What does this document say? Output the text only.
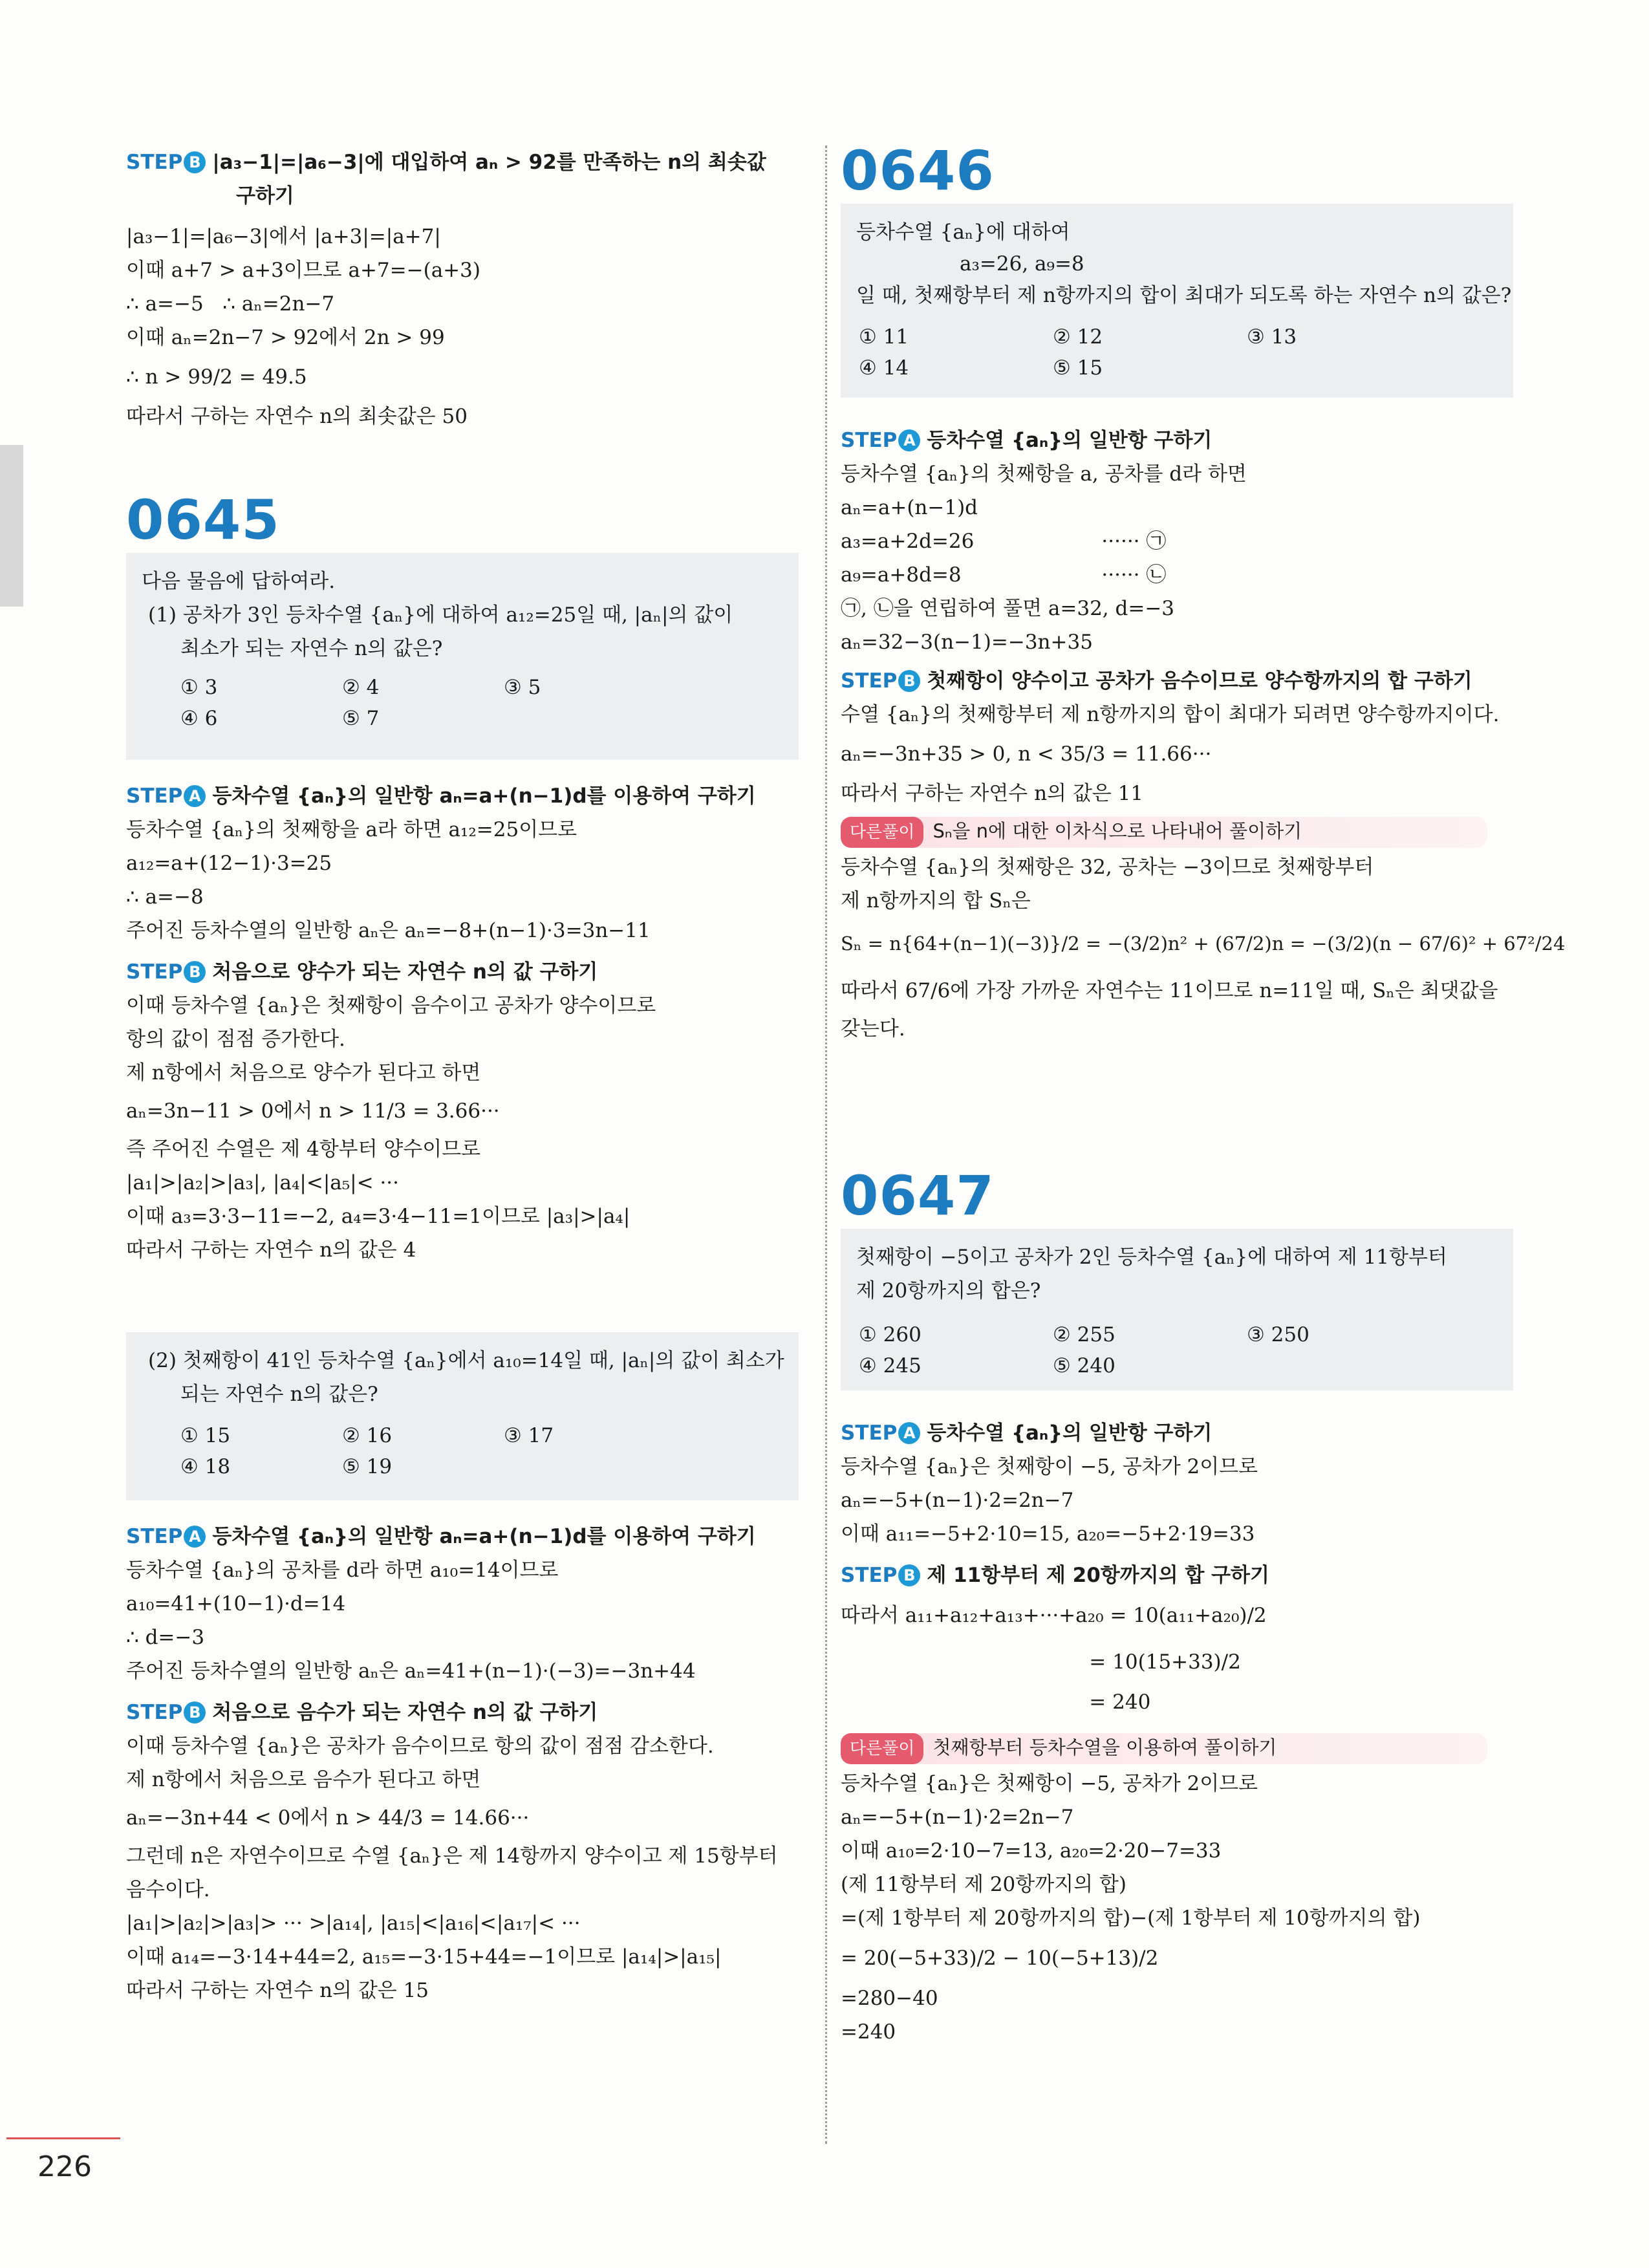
STEP B |a₃−1|=|a₆−3|에 대입하여 aₙ > 92를 만족하는 n의 최솟값
구하기
|a₃−1|=|a₆−3|에서 |a+3|=|a+7|
이때 a+7 > a+3이므로 a+7=−(a+3)
∴ a=−5   ∴ aₙ=2n−7
이때 aₙ=2n−7 > 92에서 2n > 99
∴ n > 99/2 = 49.5
따라서 구하는 자연수 n의 최솟값은 50
0645
다음 물음에 답하여라.
(1) 공차가 3인 등차수열 {aₙ}에 대하여 a₁₂=25일 때, |aₙ|의 값이
최소가 되는 자연수 n의 값은?
① 3	② 4	③ 5
④ 6	⑤ 7
STEP A 등차수열 {aₙ}의 일반항 aₙ=a+(n−1)d를 이용하여 구하기
등차수열 {aₙ}의 첫째항을 a라 하면 a₁₂=25이므로
a₁₂=a+(12−1)·3=25
∴ a=−8
주어진 등차수열의 일반항 aₙ은 aₙ=−8+(n−1)·3=3n−11
STEP B 처음으로 양수가 되는 자연수 n의 값 구하기
이때 등차수열 {aₙ}은 첫째항이 음수이고 공차가 양수이므로
항의 값이 점점 증가한다.
제 n항에서 처음으로 양수가 된다고 하면
aₙ=3n−11 > 0에서 n > 11/3 = 3.66···
즉 주어진 수열은 제 4항부터 양수이므로
|a₁|>|a₂|>|a₃|, |a₄|<|a₅|< ···
이때 a₃=3·3−11=−2, a₄=3·4−11=1이므로 |a₃|>|a₄|
따라서 구하는 자연수 n의 값은 4
(2) 첫째항이 41인 등차수열 {aₙ}에서 a₁₀=14일 때, |aₙ|의 값이 최소가
되는 자연수 n의 값은?
① 15	② 16	③ 17
④ 18	⑤ 19
STEP A 등차수열 {aₙ}의 일반항 aₙ=a+(n−1)d를 이용하여 구하기
등차수열 {aₙ}의 공차를 d라 하면 a₁₀=14이므로
a₁₀=41+(10−1)·d=14
∴ d=−3
주어진 등차수열의 일반항 aₙ은 aₙ=41+(n−1)·(−3)=−3n+44
STEP B 처음으로 음수가 되는 자연수 n의 값 구하기
이때 등차수열 {aₙ}은 공차가 음수이므로 항의 값이 점점 감소한다.
제 n항에서 처음으로 음수가 된다고 하면
aₙ=−3n+44 < 0에서 n > 44/3 = 14.66···
그런데 n은 자연수이므로 수열 {aₙ}은 제 14항까지 양수이고 제 15항부터
음수이다.
|a₁|>|a₂|>|a₃|> ··· >|a₁₄|, |a₁₅|<|a₁₆|<|a₁₇|< ···
이때 a₁₄=−3·14+44=2, a₁₅=−3·15+44=−1이므로 |a₁₄|>|a₁₅|
따라서 구하는 자연수 n의 값은 15
0646
등차수열 {aₙ}에 대하여
a₃=26, a₉=8
일 때, 첫째항부터 제 n항까지의 합이 최대가 되도록 하는 자연수 n의 값은?
① 11	② 12	③ 13
④ 14	⑤ 15
STEP A 등차수열 {aₙ}의 일반항 구하기
등차수열 {aₙ}의 첫째항을 a, 공차를 d라 하면
aₙ=a+(n−1)d
a₃=a+2d=26                    ······ ㉠
a₉=a+8d=8                      ······ ㉡
㉠, ㉡을 연립하여 풀면 a=32, d=−3
aₙ=32−3(n−1)=−3n+35
STEP B 첫째항이 양수이고 공차가 음수이므로 양수항까지의 합 구하기
수열 {aₙ}의 첫째항부터 제 n항까지의 합이 최대가 되려면 양수항까지이다.
aₙ=−3n+35 > 0, n < 35/3 = 11.66···
따라서 구하는 자연수 n의 값은 11
다른풀이 Sₙ을 n에 대한 이차식으로 나타내어 풀이하기
등차수열 {aₙ}의 첫째항은 32, 공차는 −3이므로 첫째항부터
제 n항까지의 합 Sₙ은
Sₙ = n{64+(n−1)(−3)}/2 = −(3/2)n² + (67/2)n = −(3/2)(n − 67/6)² + 67²/24
따라서 67/6에 가장 가까운 자연수는 11이므로 n=11일 때, Sₙ은 최댓값을
갖는다.
0647
첫째항이 −5이고 공차가 2인 등차수열 {aₙ}에 대하여 제 11항부터
제 20항까지의 합은?
① 260	② 255	③ 250
④ 245	⑤ 240
STEP A 등차수열 {aₙ}의 일반항 구하기
등차수열 {aₙ}은 첫째항이 −5, 공차가 2이므로
aₙ=−5+(n−1)·2=2n−7
이때 a₁₁=−5+2·10=15, a₂₀=−5+2·19=33
STEP B 제 11항부터 제 20항까지의 합 구하기
따라서 a₁₁+a₁₂+a₁₃+···+a₂₀ = 10(a₁₁+a₂₀)/2
= 10(15+33)/2
= 240
다른풀이 첫째항부터 등차수열을 이용하여 풀이하기
등차수열 {aₙ}은 첫째항이 −5, 공차가 2이므로
aₙ=−5+(n−1)·2=2n−7
이때 a₁₀=2·10−7=13, a₂₀=2·20−7=33
(제 11항부터 제 20항까지의 합)
=(제 1항부터 제 20항까지의 합)−(제 1항부터 제 10항까지의 합)
= 20(−5+33)/2 − 10(−5+13)/2
=280−40
=240
226
